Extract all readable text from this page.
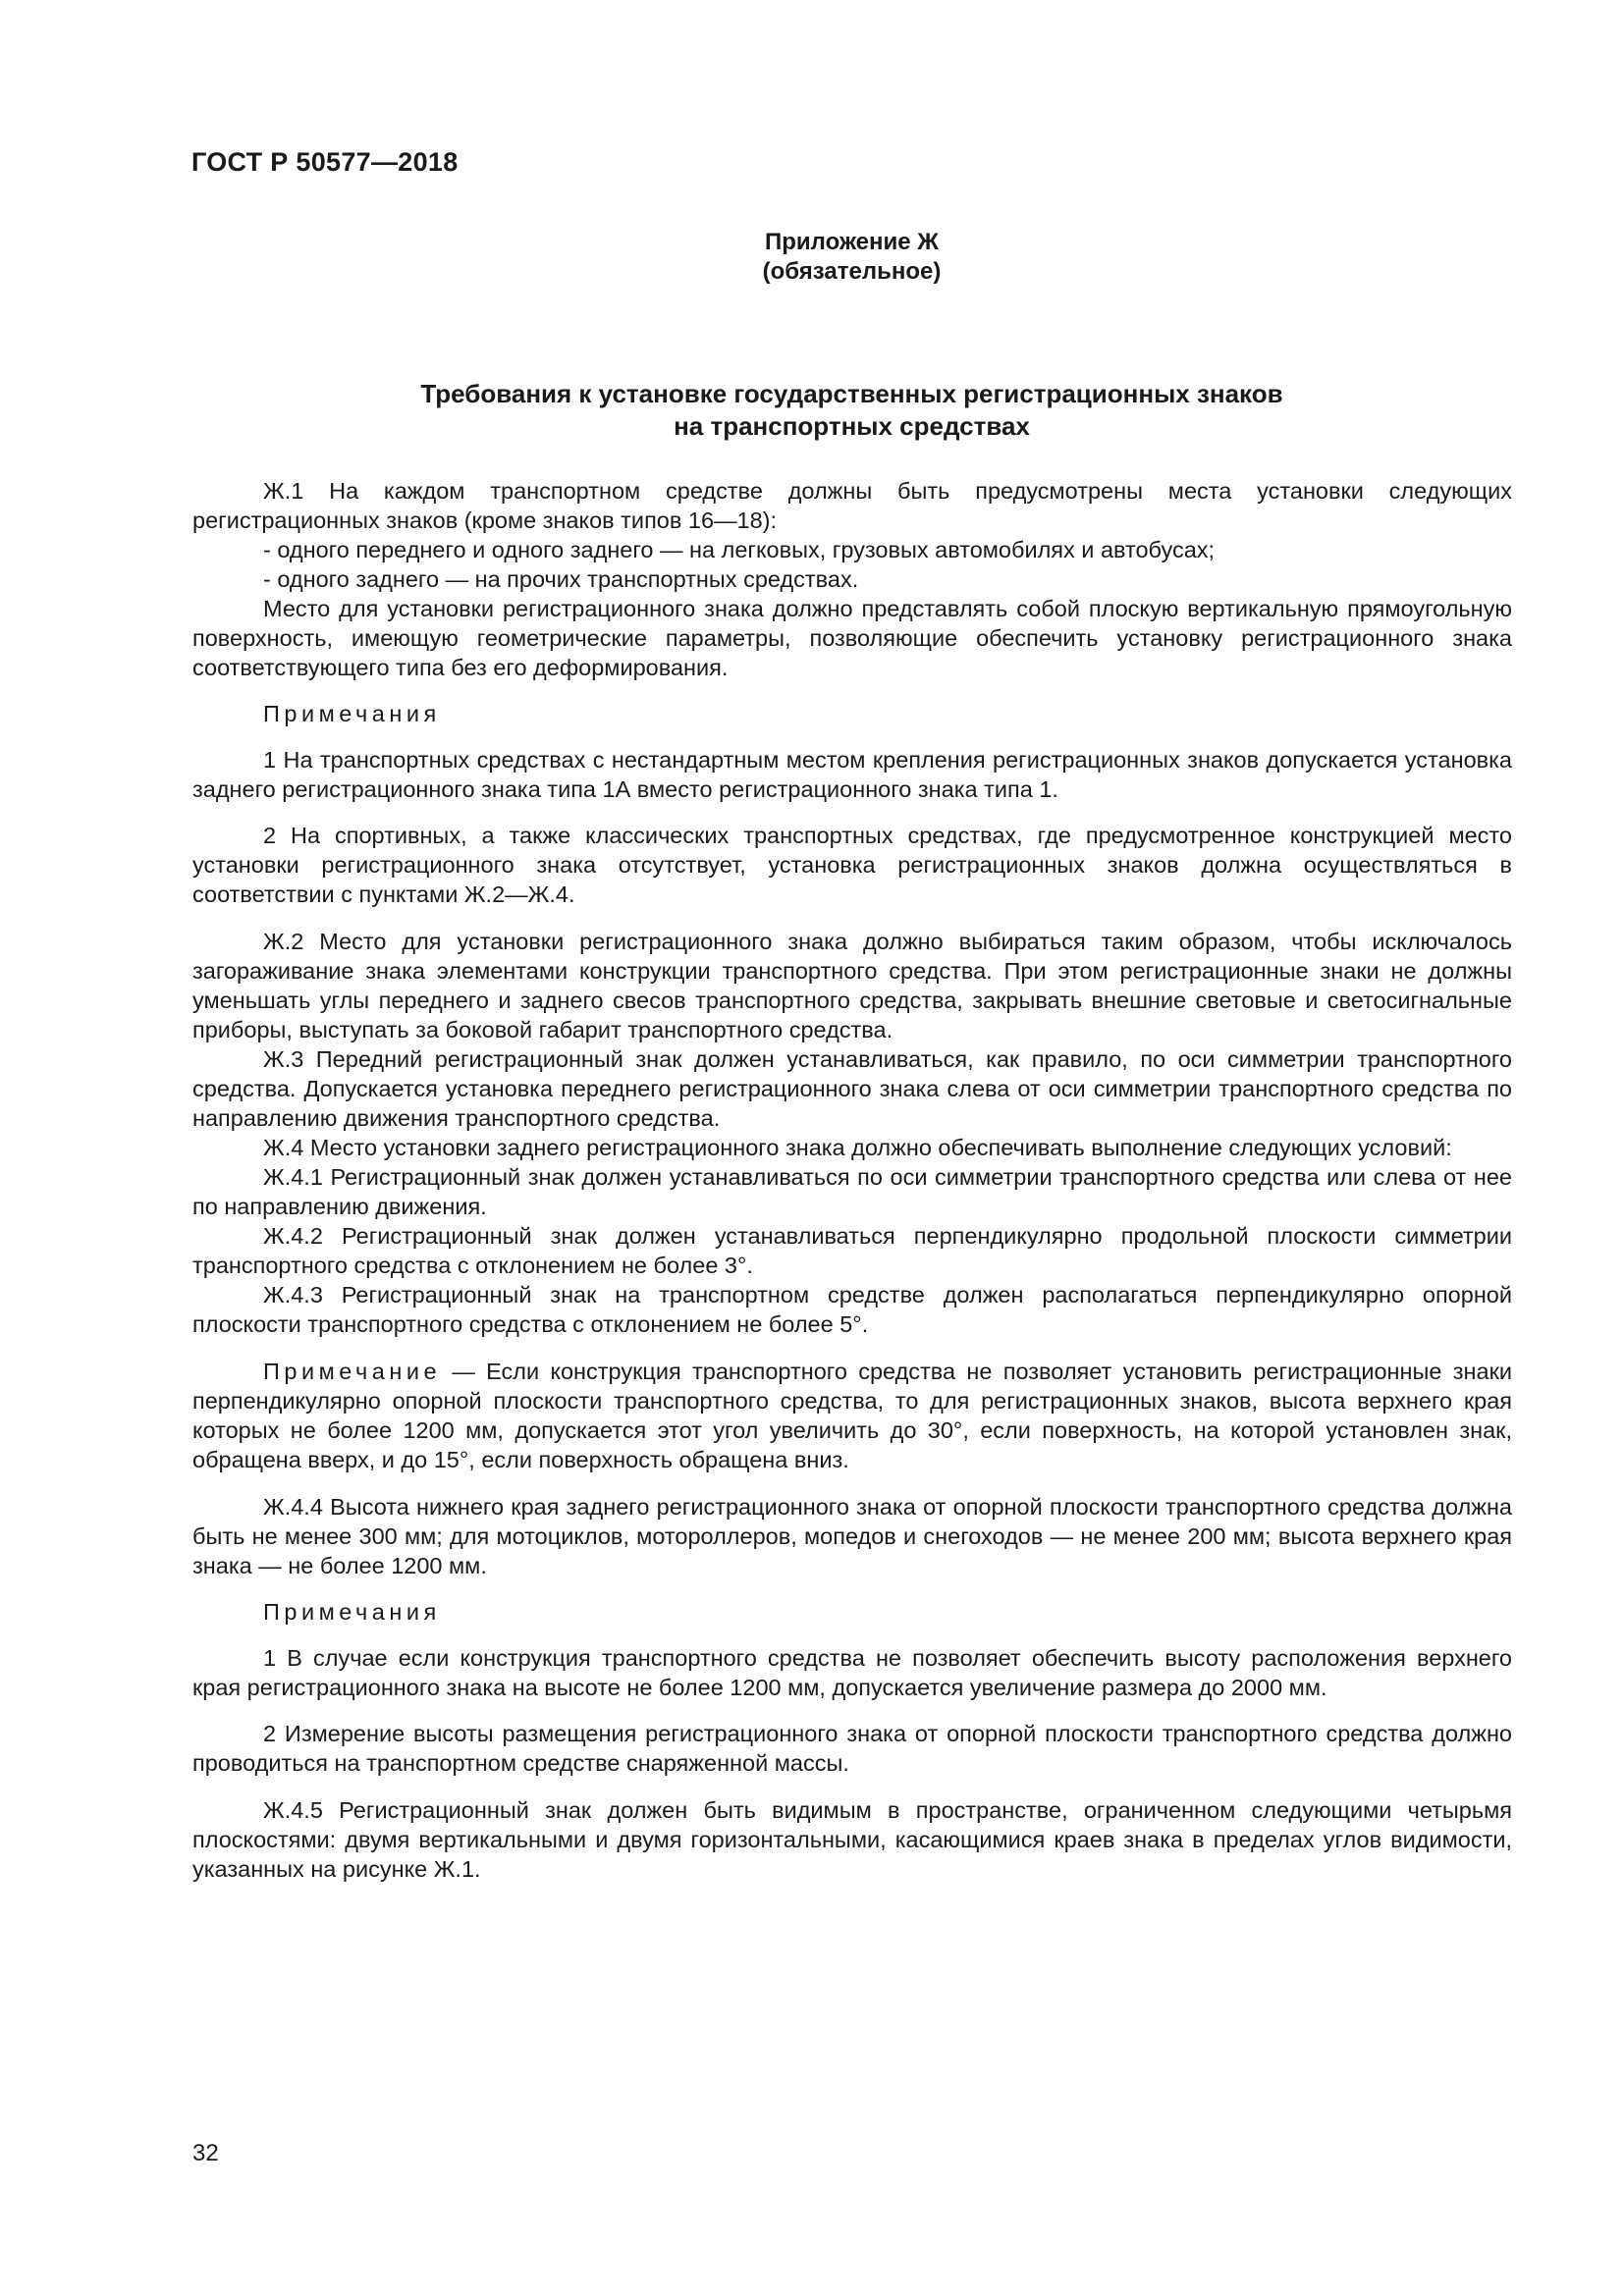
ГОСТ Р 50577—2018
Приложение Ж
(обязательное)
Требования к установке государственных регистрационных знаков
на транспортных средствах

Ж.1 На каждом транспортном средстве должны быть предусмотрены места установки следующих регистрационных знаков (кроме знаков типов 16—18):

- одного переднего и одного заднего — на легковых, грузовых автомобилях и автобусах;

- одного заднего — на прочих транспортных средствах.

Место для установки регистрационного знака должно представлять собой плоскую вертикальную прямоугольную поверхность, имеющую геометрические параметры, позволяющие обеспечить установку регистрационного знака соответствующего типа без его деформирования.

Примечания

1 На транспортных средствах с нестандартным местом крепления регистрационных знаков допускается установка заднего регистрационного знака типа 1А вместо регистрационного знака типа 1.

2 На спортивных, а также классических транспортных средствах, где предусмотренное конструкцией место установки регистрационного знака отсутствует, установка регистрационных знаков должна осуществляться в соответствии с пунктами Ж.2—Ж.4.

Ж.2 Место для установки регистрационного знака должно выбираться таким образом, чтобы исключалось загораживание знака элементами конструкции транспортного средства. При этом регистрационные знаки не должны уменьшать углы переднего и заднего свесов транспортного средства, закрывать внешние световые и светосигнальные приборы, выступать за боковой габарит транспортного средства.

Ж.3 Передний регистрационный знак должен устанавливаться, как правило, по оси симметрии транспортного средства. Допускается установка переднего регистрационного знака слева от оси симметрии транспортного средства по направлению движения транспортного средства.

Ж.4 Место установки заднего регистрационного знака должно обеспечивать выполнение следующих условий:

Ж.4.1 Регистрационный знак должен устанавливаться по оси симметрии транспортного средства или слева от нее по направлению движения.

Ж.4.2 Регистрационный знак должен устанавливаться перпендикулярно продольной плоскости симметрии транспортного средства с отклонением не более 3°.

Ж.4.3 Регистрационный знак на транспортном средстве должен располагаться перпендикулярно опорной плоскости транспортного средства с отклонением не более 5°.

Примечание — Если конструкция транспортного средства не позволяет установить регистрационные знаки перпендикулярно опорной плоскости транспортного средства, то для регистрационных знаков, высота верхнего края которых не более 1200 мм, допускается этот угол увеличить до 30°, если поверхность, на которой установлен знак, обращена вверх, и до 15°, если поверхность обращена вниз.

Ж.4.4 Высота нижнего края заднего регистрационного знака от опорной плоскости транспортного средства должна быть не менее 300 мм; для мотоциклов, мотороллеров, мопедов и снегоходов — не менее 200 мм; высота верхнего края знака — не более 1200 мм.

Примечания

1 В случае если конструкция транспортного средства не позволяет обеспечить высоту расположения верхнего края регистрационного знака на высоте не более 1200 мм, допускается увеличение размера до 2000 мм.

2 Измерение высоты размещения регистрационного знака от опорной плоскости транспортного средства должно проводиться на транспортном средстве снаряженной массы.

Ж.4.5 Регистрационный знак должен быть видимым в пространстве, ограниченном следующими четырьмя плоскостями: двумя вертикальными и двумя горизонтальными, касающимися краев знака в пределах углов видимости, указанных на рисунке Ж.1.

32
